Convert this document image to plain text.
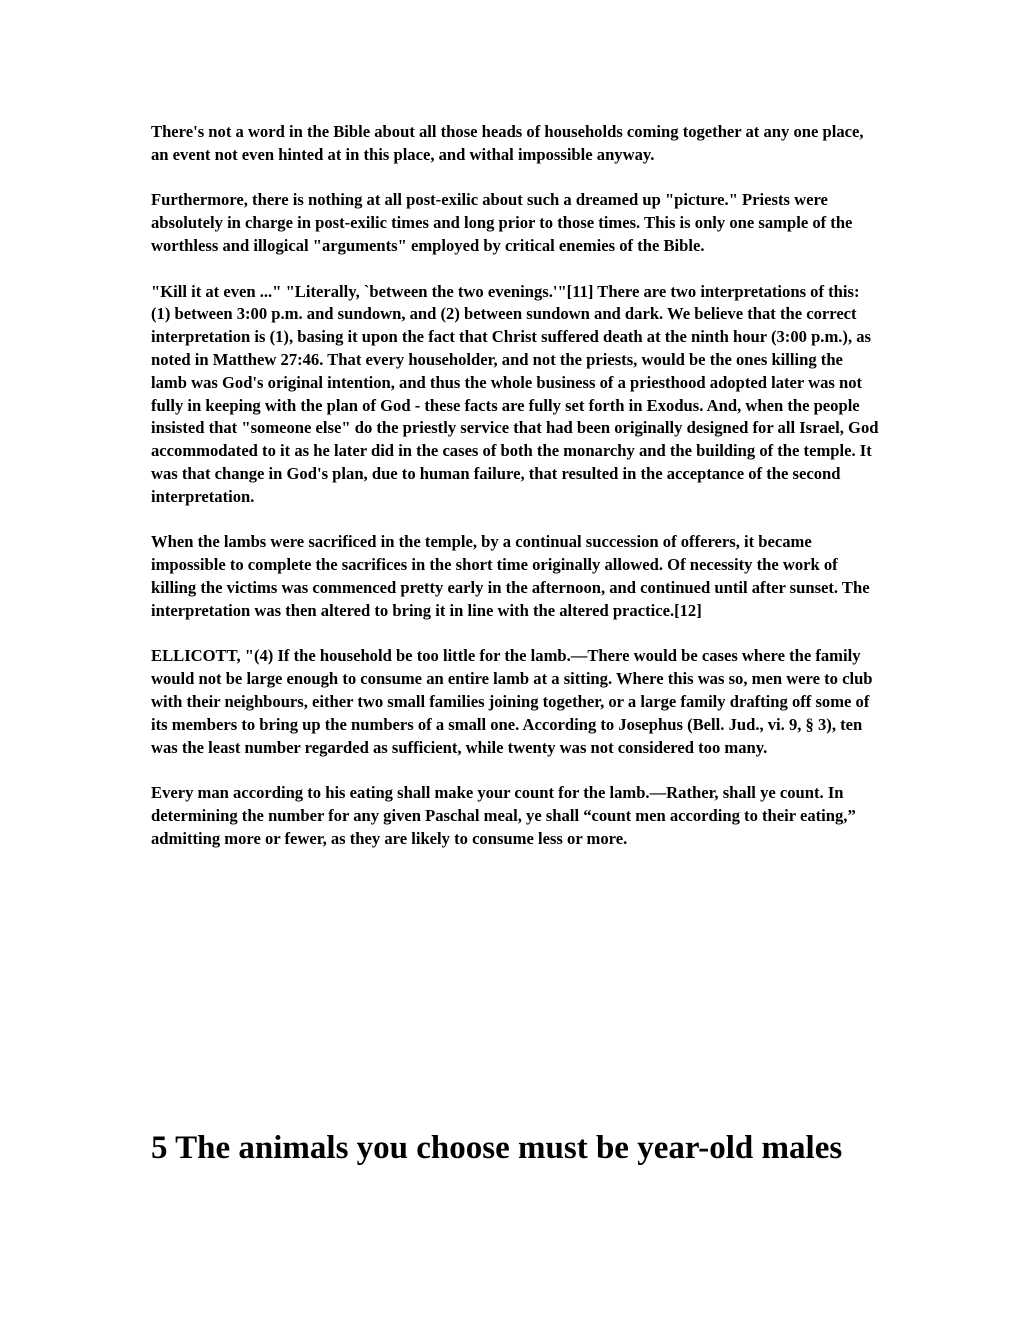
There's not a word in the Bible about all those heads of households coming together at any one place, an event not even hinted at in this place, and withal impossible anyway.

Furthermore, there is nothing at all post-exilic about such a dreamed up "picture." Priests were absolutely in charge in post-exilic times and long prior to those times. This is only one sample of the worthless and illogical "arguments" employed by critical enemies of the Bible.

"Kill it at even ..." "Literally, `between the two evenings.'"[11] There are two interpretations of this: (1) between 3:00 p.m. and sundown, and (2) between sundown and dark. We believe that the correct interpretation is (1), basing it upon the fact that Christ suffered death at the ninth hour (3:00 p.m.), as noted in Matthew 27:46. That every householder, and not the priests, would be the ones killing the lamb was God's original intention, and thus the whole business of a priesthood adopted later was not fully in keeping with the plan of God - these facts are fully set forth in Exodus. And, when the people insisted that "someone else" do the priestly service that had been originally designed for all Israel, God accommodated to it as he later did in the cases of both the monarchy and the building of the temple. It was that change in God's plan, due to human failure, that resulted in the acceptance of the second interpretation.

When the lambs were sacrificed in the temple, by a continual succession of offerers, it became impossible to complete the sacrifices in the short time originally allowed. Of necessity the work of killing the victims was commenced pretty early in the afternoon, and continued until after sunset. The interpretation was then altered to bring it in line with the altered practice.[12]

ELLICOTT, "(4) If the household be too little for the lamb.—There would be cases where the family would not be large enough to consume an entire lamb at a sitting. Where this was so, men were to club with their neighbours, either two small families joining together, or a large family drafting off some of its members to bring up the numbers of a small one. According to Josephus (Bell. Jud., vi. 9, § 3), ten was the least number regarded as sufficient, while twenty was not considered too many.

Every man according to his eating shall make your count for the lamb.—Rather, shall ye count. In determining the number for any given Paschal meal, ye shall “count men according to their eating,” admitting more or fewer, as they are likely to consume less or more.

5 The animals you choose must be year-old males
